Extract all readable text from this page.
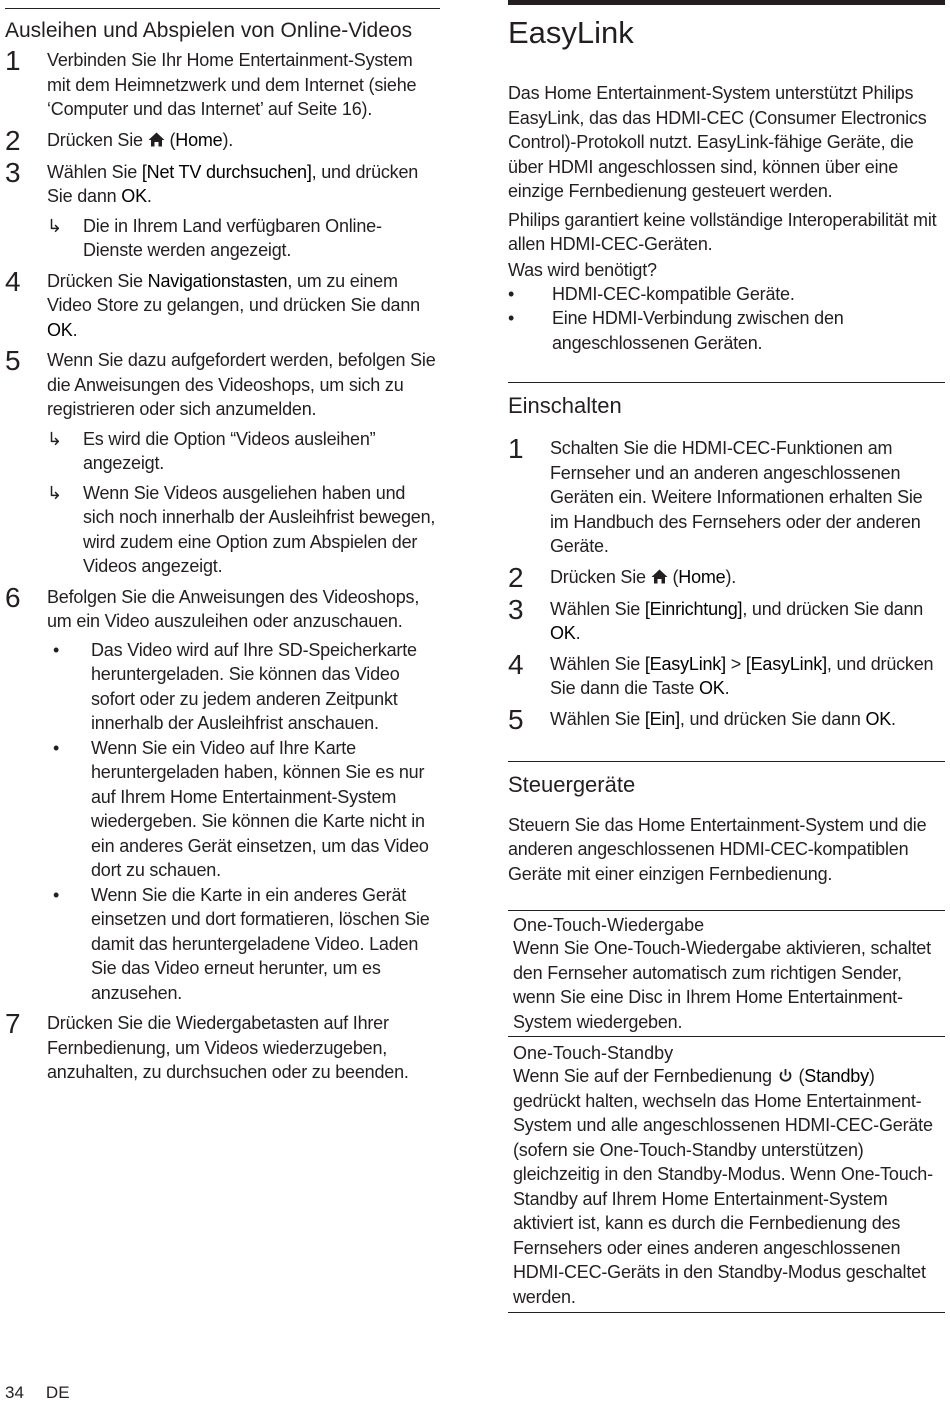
Ausleihen und Abspielen von Online-Videos
1	Verbinden Sie Ihr Home Entertainment-System mit dem Heimnetzwerk und dem Internet (siehe ‘Computer und das Internet’ auf Seite 16).
2	Drücken Sie  (Home).
3	Wählen Sie [Net TV durchsuchen], und drücken Sie dann OK.
↳	Die in Ihrem Land verfügbaren Online-Dienste werden angezeigt.
4	Drücken Sie Navigationstasten, um zu einem Video Store zu gelangen, und drücken Sie dann OK.
5	Wenn Sie dazu aufgefordert werden, befolgen Sie die Anweisungen des Videoshops, um sich zu registrieren oder sich anzumelden.
↳	Es wird die Option “Videos ausleihen” angezeigt.
↳	Wenn Sie Videos ausgeliehen haben und sich noch innerhalb der Ausleihfrist bewegen, wird zudem eine Option zum Abspielen der Videos angezeigt.
6	Befolgen Sie die Anweisungen des Videoshops, um ein Video auszuleihen oder anzuschauen.
•	Das Video wird auf Ihre SD-Speicherkarte heruntergeladen. Sie können das Video sofort oder zu jedem anderen Zeitpunkt innerhalb der Ausleihfrist anschauen.
•	Wenn Sie ein Video auf Ihre Karte heruntergeladen haben, können Sie es nur auf Ihrem Home Entertainment-System wiedergeben. Sie können die Karte nicht in ein anderes Gerät einsetzen, um das Video dort zu schauen.
•	Wenn Sie die Karte in ein anderes Gerät einsetzen und dort formatieren, löschen Sie damit das heruntergeladene Video. Laden Sie das Video erneut herunter, um es anzusehen.
7	Drücken Sie die Wiedergabetasten auf Ihrer Fernbedienung, um Videos wiederzugeben, anzuhalten, zu durchsuchen oder zu beenden.
EasyLink

Das Home Entertainment-System unterstützt Philips EasyLink, das das HDMI-CEC (Consumer Electronics Control)-Protokoll nutzt. EasyLink-fähige Geräte, die über HDMI angeschlossen sind, können über eine einzige Fernbedienung gesteuert werden.

Philips garantiert keine vollständige Interoperabilität mit allen HDMI-CEC-Geräten.

Was wird benötigt?
•	HDMI-CEC-kompatible Geräte.
•	Eine HDMI-Verbindung zwischen den angeschlossenen Geräten.
Einschalten
1	Schalten Sie die HDMI-CEC-Funktionen am Fernseher und an anderen angeschlossenen Geräten ein. Weitere Informationen erhalten Sie im Handbuch des Fernsehers oder der anderen Geräte.
2	Drücken Sie  (Home).
3	Wählen Sie [Einrichtung], und drücken Sie dann OK.
4	Wählen Sie [EasyLink] > [EasyLink], und drücken Sie dann die Taste OK.
5	Wählen Sie [Ein], und drücken Sie dann OK.
Steuergeräte

Steuern Sie das Home Entertainment-System und die anderen angeschlossenen HDMI-CEC-kompatiblen Geräte mit einer einzigen Fernbedienung.

One-Touch-Wiedergabe

Wenn Sie One-Touch-Wiedergabe aktivieren, schaltet den Fernseher automatisch zum richtigen Sender, wenn Sie eine Disc in Ihrem Home Entertainment-System wiedergeben.

One-Touch-Standby

Wenn Sie auf der Fernbedienung  (Standby) gedrückt halten, wechseln das Home Entertainment-System und alle angeschlossenen HDMI-CEC-Geräte (sofern sie One-Touch-Standby unterstützen) gleichzeitig in den Standby-Modus. Wenn One-Touch-Standby auf Ihrem Home Entertainment-System aktiviert ist, kann es durch die Fernbedienung des Fernsehers oder eines anderen angeschlossenen HDMI-CEC-Geräts in den Standby-Modus geschaltet werden.

34 DE
